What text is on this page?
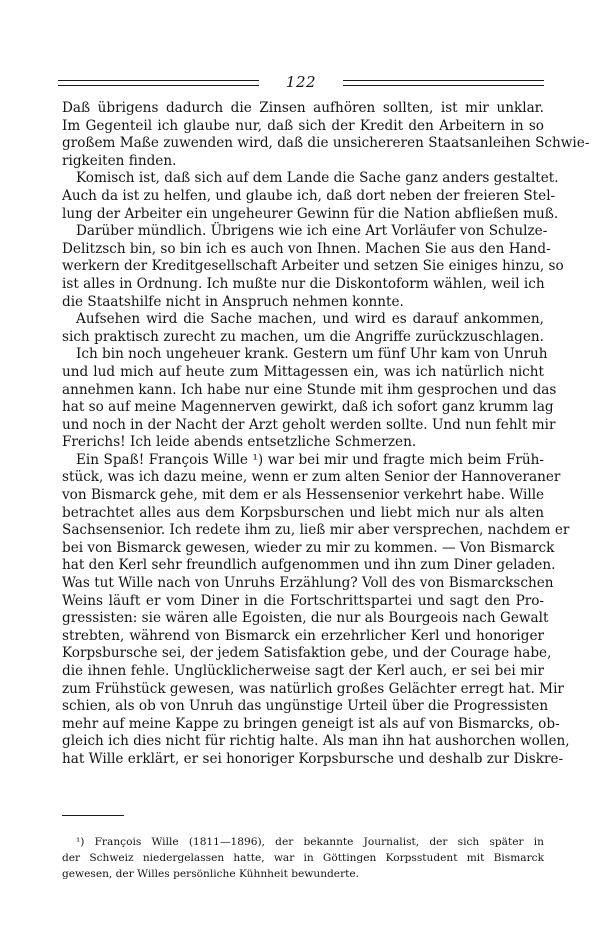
122
Daß übrigens dadurch die Zinsen aufhören sollten, ist mir unklar.
Im Gegenteil ich glaube nur, daß sich der Kredit den Arbeitern in so
großem Maße zuwenden wird, daß die unsichereren Staatsanleihen Schwie-
rigkeiten finden.
Komisch ist, daß sich auf dem Lande die Sache ganz anders gestaltet.
Auch da ist zu helfen, und glaube ich, daß dort neben der freieren Stel-
lung der Arbeiter ein ungeheurer Gewinn für die Nation abfließen muß.
Darüber mündlich. Übrigens wie ich eine Art Vorläufer von Schulze-
Delitzsch bin, so bin ich es auch von Ihnen. Machen Sie aus den Hand-
werkern der Kreditgesellschaft Arbeiter und setzen Sie einiges hinzu, so
ist alles in Ordnung. Ich mußte nur die Diskontoform wählen, weil ich
die Staatshilfe nicht in Anspruch nehmen konnte.
Aufsehen wird die Sache machen, und wird es darauf ankommen,
sich praktisch zurecht zu machen, um die Angriffe zurückzuschlagen.
Ich bin noch ungeheuer krank. Gestern um fünf Uhr kam von Unruh
und lud mich auf heute zum Mittagessen ein, was ich natürlich nicht
annehmen kann. Ich habe nur eine Stunde mit ihm gesprochen und das
hat so auf meine Magennerven gewirkt, daß ich sofort ganz krumm lag
und noch in der Nacht der Arzt geholt werden sollte. Und nun fehlt mir
Frerichs! Ich leide abends entsetzliche Schmerzen.
Ein Spaß! François Wille ¹) war bei mir und fragte mich beim Früh-
stück, was ich dazu meine, wenn er zum alten Senior der Hannoveraner
von Bismarck gehe, mit dem er als Hessensenior verkehrt habe. Wille
betrachtet alles aus dem Korpsburschen und liebt mich nur als alten
Sachsensenior. Ich redete ihm zu, ließ mir aber versprechen, nachdem er
bei von Bismarck gewesen, wieder zu mir zu kommen. — Von Bismarck
hat den Kerl sehr freundlich aufgenommen und ihn zum Diner geladen.
Was tut Wille nach von Unruhs Erzählung? Voll des von Bismarckschen
Weins läuft er vom Diner in die Fortschrittspartei und sagt den Pro-
gressisten: sie wären alle Egoisten, die nur als Bourgeois nach Gewalt
strebten, während von Bismarck ein erzehrlicher Kerl und honoriger
Korpsbursche sei, der jedem Satisfaktion gebe, und der Courage habe,
die ihnen fehle. Unglücklicherweise sagt der Kerl auch, er sei bei mir
zum Frühstück gewesen, was natürlich großes Gelächter erregt hat. Mir
schien, als ob von Unruh das ungünstige Urteil über die Progressisten
mehr auf meine Kappe zu bringen geneigt ist als auf von Bismarcks, ob-
gleich ich dies nicht für richtig halte. Als man ihn hat aushorchen wollen,
hat Wille erklärt, er sei honoriger Korpsbursche und deshalb zur Diskre-
¹) François Wille (1811—1896), der bekannte Journalist, der sich später in
der Schweiz niedergelassen hatte, war in Göttingen Korpsstudent mit Bismarck
gewesen, der Willes persönliche Kühnheit bewunderte.
